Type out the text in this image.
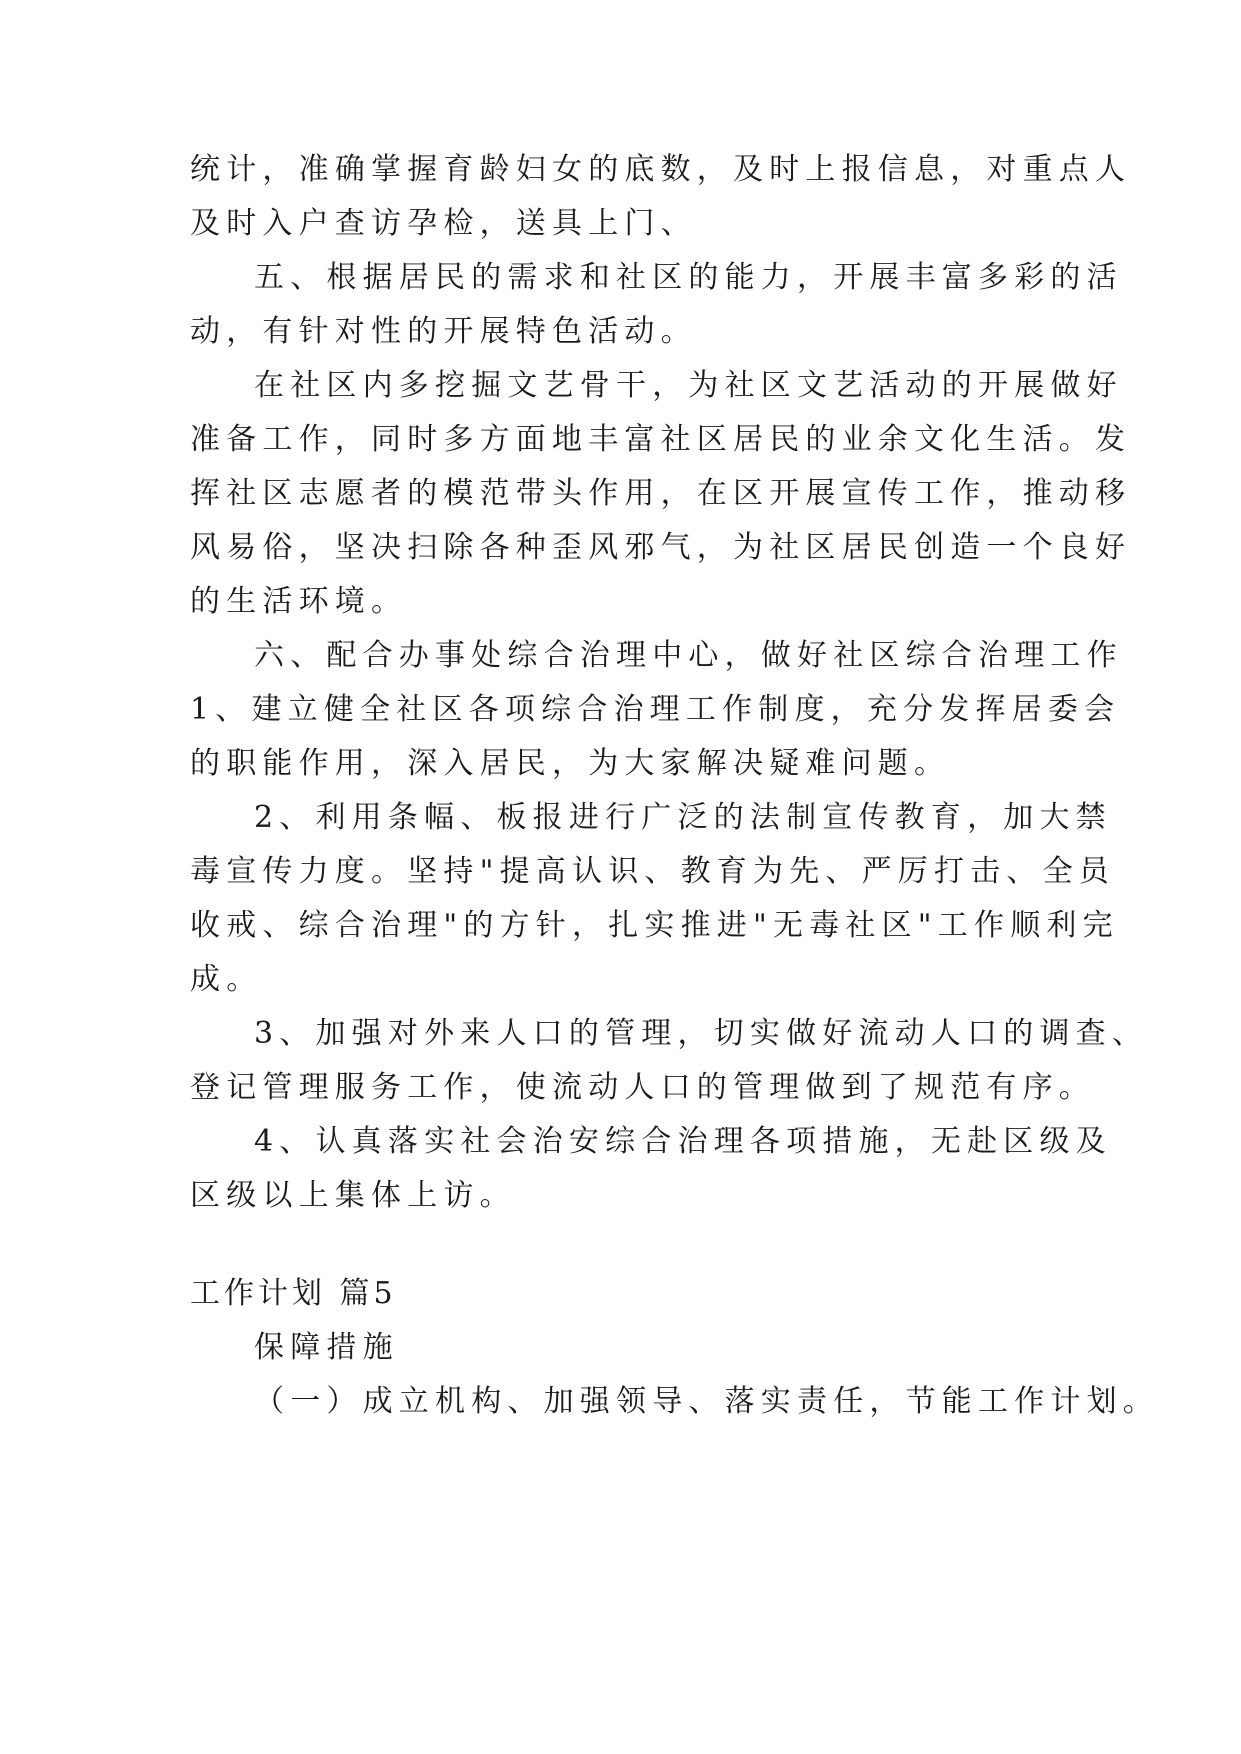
统计，准确掌握育龄妇女的底数，及时上报信息，对重点人
及时入户查访孕检，送具上门、
五、根据居民的需求和社区的能力，开展丰富多彩的活
动，有针对性的开展特色活动。
在社区内多挖掘文艺骨干，为社区文艺活动的开展做好
准备工作，同时多方面地丰富社区居民的业余文化生活。发
挥社区志愿者的模范带头作用，在区开展宣传工作，推动移
风易俗，坚决扫除各种歪风邪气，为社区居民创造一个良好
的生活环境。
六、配合办事处综合治理中心，做好社区综合治理工作
1、建立健全社区各项综合治理工作制度，充分发挥居委会
的职能作用，深入居民，为大家解决疑难问题。
2、利用条幅、板报进行广泛的法制宣传教育，加大禁
毒宣传力度。坚持"提高认识、教育为先、严厉打击、全员
收戒、综合治理"的方针，扎实推进"无毒社区"工作顺利完
成。
3、加强对外来人口的管理，切实做好流动人口的调查、
登记管理服务工作，使流动人口的管理做到了规范有序。
4、认真落实社会治安综合治理各项措施，无赴区级及
区级以上集体上访。
工作计划 篇5
保障措施
（一）成立机构、加强领导、落实责任，节能工作计划。
